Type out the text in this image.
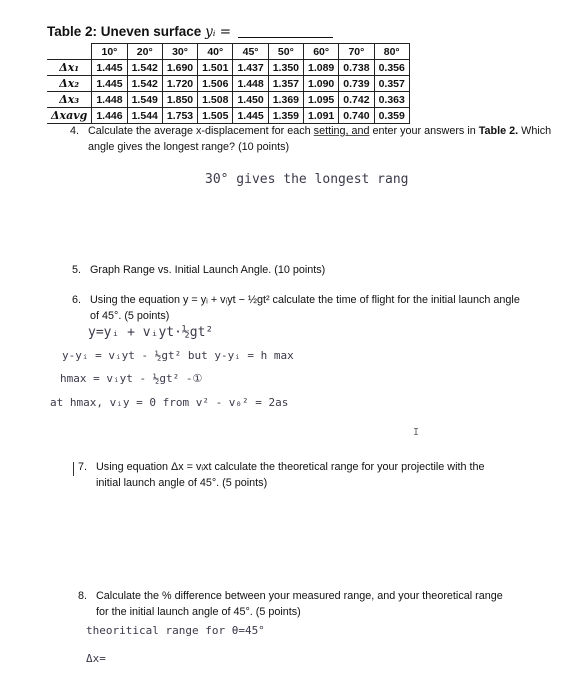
Table 2: Uneven surface yᵢ =
	10°	20°	30°	40°	45°	50°	60°	70°	80°
Δx₁	1.445	1.542	1.690	1.501	1.437	1.350	1.089	0.738	0.356
Δx₂	1.445	1.542	1.720	1.506	1.448	1.357	1.090	0.739	0.357
Δx₃	1.448	1.549	1.850	1.508	1.450	1.369	1.095	0.742	0.363
Δxavg	1.446	1.544	1.753	1.505	1.445	1.359	1.091	0.740	0.359
4. Calculate the average x-displacement for each setting, and enter your answers in Table 2. Which
angle gives the longest range? (10 points)
30° gives the longest rang
5. Graph Range vs. Initial Launch Angle. (10 points)
6. Using the equation y = yᵢ + vᵢyt − ½gt² calculate the time of flight for the initial launch angle
of 45°. (5 points)
y=yᵢ + vᵢyt·½gt²
y-yᵢ = vᵢyt - ½gt² but y-yᵢ = h max
hmax = vᵢyt - ½gt² -①
at hmax, vᵢy = 0 from v² - v₀² = 2as
I
7. Using equation Δx = vᵢxt calculate the theoretical range for your projectile with the
initial launch angle of 45°. (5 points)
8. Calculate the % difference between your measured range, and your theoretical range
for the initial launch angle of 45°. (5 points)
theoritical range for θ=45°
Δx=
